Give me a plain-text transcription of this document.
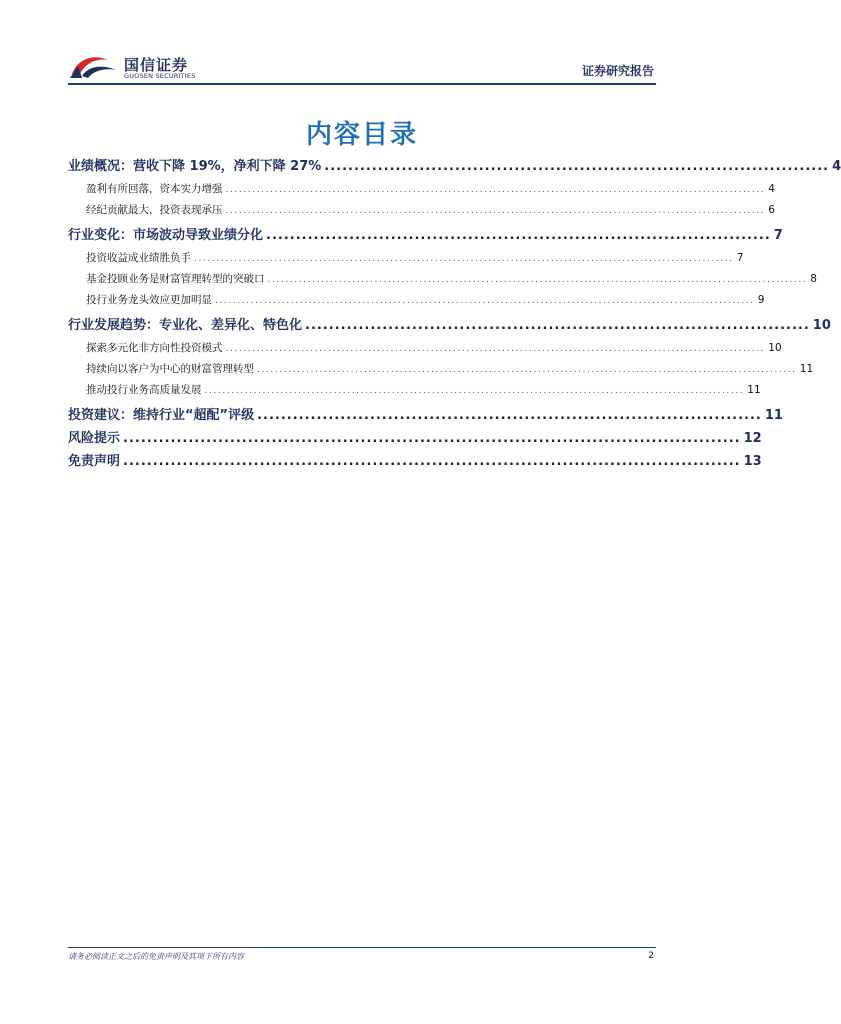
国信证券
GUOSEN SECURITIES	证券研究报告
内容目录
业绩概况：营收下降 19%，净利下降 27% ..................................................................................... 4
盈利有所回落，资本实力增强 ......................................................................................................................... 4
经纪贡献最大，投资表现承压 ......................................................................................................................... 6
行业变化：市场波动导致业绩分化 ..................................................................................... 7
投资收益成业绩胜负手 ......................................................................................................................... 7
基金投顾业务是财富管理转型的突破口 ......................................................................................................................... 8
投行业务龙头效应更加明显 ......................................................................................................................... 9
行业发展趋势：专业化、差异化、特色化 ..................................................................................... 10
探索多元化非方向性投资模式 ......................................................................................................................... 10
持续向以客户为中心的财富管理转型 ......................................................................................................................... 11
推动投行业务高质量发展 ......................................................................................................................... 11
投资建议：维持行业“超配”评级 ..................................................................................... 11
风险提示 ........................................................................................................ 12
免责声明 ........................................................................................................ 13
请务必阅读正文之后的免责声明及其项下所有内容	2
